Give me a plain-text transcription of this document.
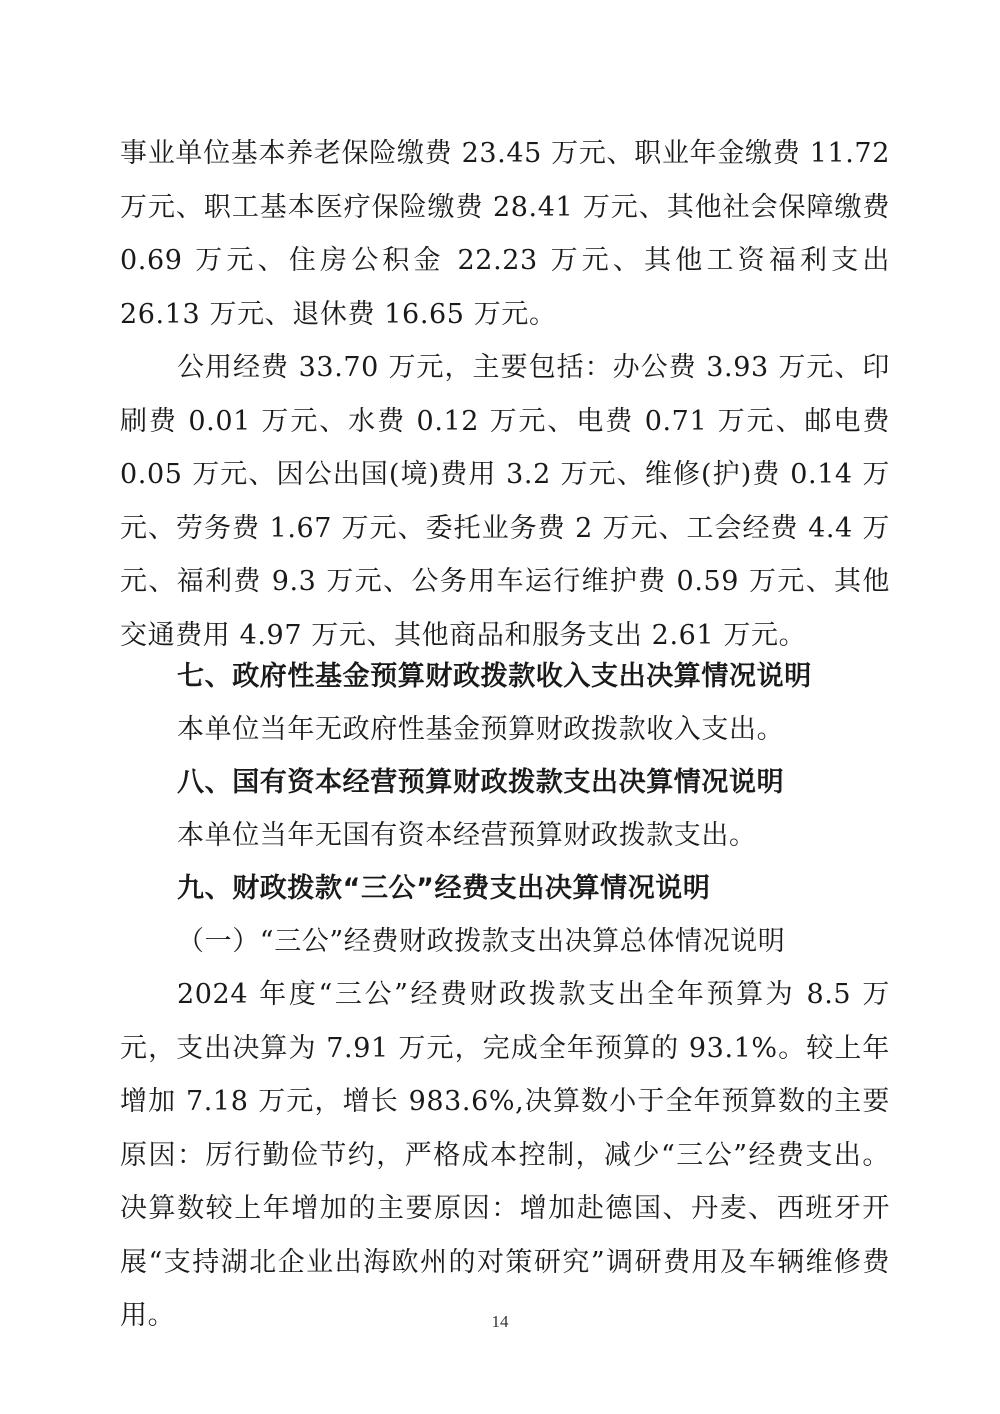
事业单位基本养老保险缴费 23.45 万元、职业年金缴费 11.72 万元、职工基本医疗保险缴费 28.41 万元、其他社会保障缴费 0.69 万元、住房公积金 22.23 万元、其他工资福利支出 26.13 万元、退休费 16.65 万元。

公用经费 33.70 万元，主要包括：办公费 3.93 万元、印刷费 0.01 万元、水费 0.12 万元、电费 0.71 万元、邮电费 0.05 万元、因公出国(境)费用 3.2 万元、维修(护)费 0.14 万元、劳务费 1.67 万元、委托业务费 2 万元、工会经费 4.4 万元、福利费 9.3 万元、公务用车运行维护费 0.59 万元、其他交通费用 4.97 万元、其他商品和服务支出 2.61 万元。

七、政府性基金预算财政拨款收入支出决算情况说明

本单位当年无政府性基金预算财政拨款收入支出。

八、国有资本经营预算财政拨款支出决算情况说明

本单位当年无国有资本经营预算财政拨款支出。

九、财政拨款“三公”经费支出决算情况说明

（一）“三公”经费财政拨款支出决算总体情况说明

2024 年度“三公”经费财政拨款支出全年预算为 8.5 万元，支出决算为 7.91 万元，完成全年预算的 93.1%。较上年增加 7.18 万元，增长 983.6%,决算数小于全年预算数的主要原因：厉行勤俭节约，严格成本控制，减少“三公”经费支出。决算数较上年增加的主要原因：增加赴德国、丹麦、西班牙开展“支持湖北企业出海欧州的对策研究”调研费用及车辆维修费用。	14
